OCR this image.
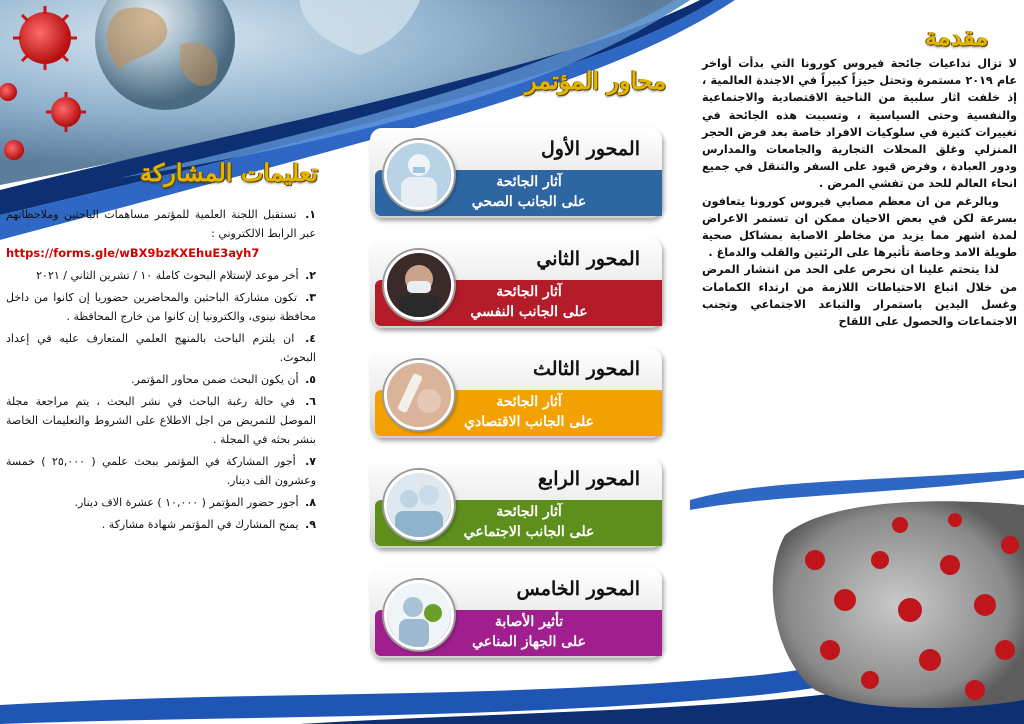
مقدمة

لا تزال تداعيات جائحة فيروس كورونا التي بدأت أواخر عام ٢٠١٩ مستمرة وتحتل حيزاً كبيراً في الاجندة العالمية ، إذ خلفت اثار سلبية من الناحية الاقتصادية والاجتماعية والنفسية وحتى السياسية ، وتسببت هذه الجائحة في تغييرات كثيرة في سلوكيات الافراد خاصة بعد فرض الحجر المنزلي وغلق المحلات التجارية والجامعات والمدارس ودور العبادة ، وفرض قيود على السفر والتنقل في جميع انحاء العالم للحد من تفشي المرض .

وبالرغم من ان معظم مصابي فيروس كورونا يتعافون بسرعة لكن في بعض الاحيان ممكن ان تستمر الاعراض لمدة اشهر مما يزيد من مخاطر الاصابة بمشاكل صحية طويلة الامد وخاصة تأثيرها على الرئتين والقلب والدماغ .

لذا يتحتم علينا ان نحرص على الحد من انتشار المرض من خلال اتباع الاحتياطات اللازمة من ارتداء الكمامات وغسل اليدين باستمرار والتباعد الاجتماعي وتجنب الاجتماعات والحصول على اللقاح

محاور المؤتمر
المحور الأول
آثار الجائحة
على الجانب الصحي
المحور الثاني
آثار الجائحة
على الجانب النفسي
المحور الثالث
آثار الجائحة
على الجانب الاقتصادي
المحور الرابع
آثار الجائحة
على الجانب الاجتماعي
المحور الخامس
تأثير الأصابة
على الجهاز المناعي
تعليمات المشاركة
١. تستقبل اللجنة العلمية للمؤتمر مساهمات الباحثين وملاحظاتهم عبر الرابط الالكتروني :
https://forms.gle/wBX9bzKXEhuE3ayh7
٢. أخر موعد لإستلام البحوث كاملة ١٠ / تشرين الثاني / ٢٠٢١
٣. تكون مشاركة الباحثين والمحاضرين حضوريا إن كانوا من داخل محافظة نينوى، والكترونيا إن كانوا من خارج المحافظة .
٤. ان يلتزم الباحث بالمنهج العلمي المتعارف عليه في إعداد البحوث.
٥. أن يكون البحث ضمن محاور المؤتمر.
٦. في حالة رغبة الباحث في نشر البحث ، يتم مراجعة مجلة الموصل للتمريض من اجل الاطلاع على الشروط والتعليمات الخاصة بنشر بحثه في المجلة .
٧. أجور المشاركة في المؤتمر ببحث علمي ( ٢٥,٠٠٠ ) خمسة وعشرون الف دينار.
٨. أجور حضور المؤتمر ( ١٠,٠٠٠ ) عشرة الاف دينار.
٩. يمنح المشارك في المؤتمر شهادة مشاركة .
